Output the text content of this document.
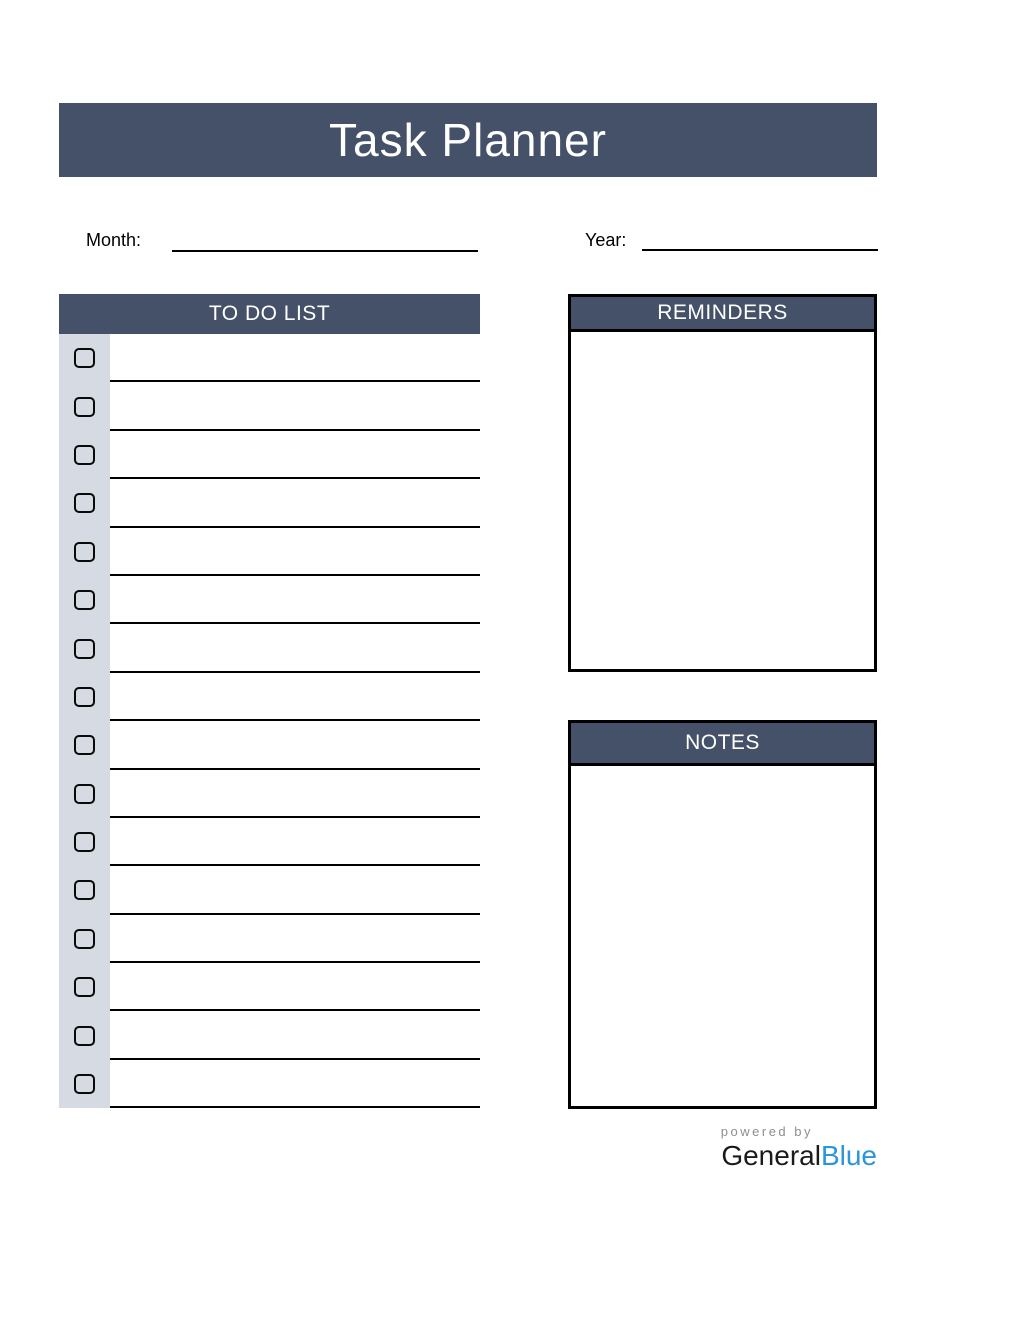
Task Planner
Month:	Year:
TO DO LIST	REMINDERS
NOTES
powered by
GeneralBlue
